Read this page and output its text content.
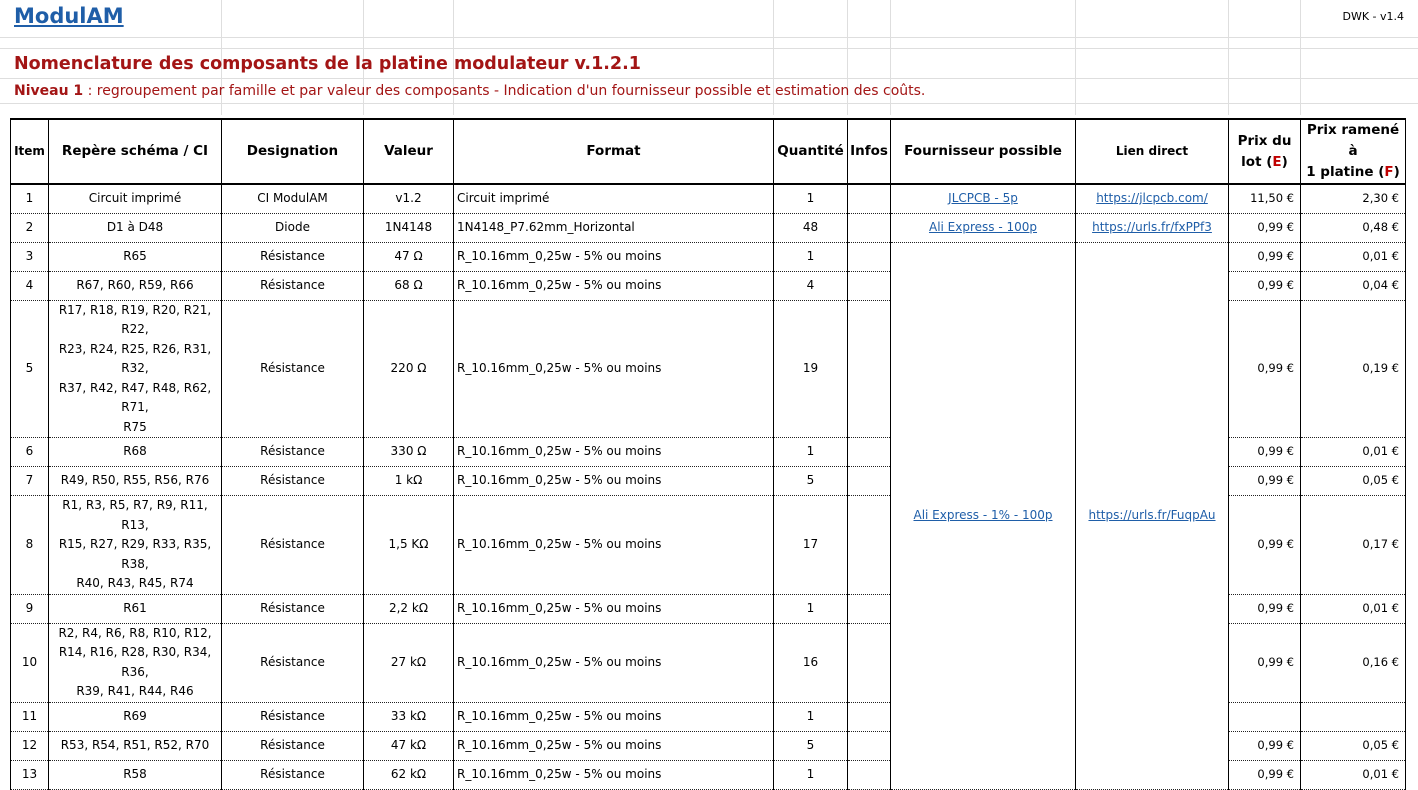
ModulAM	DWK - v1.4
Nomenclature des composants de la platine modulateur v.1.2.1
Niveau 1 : regroupement par famille et par valeur des composants - Indication d'un fournisseur possible et estimation des coûts.
Item	Repère schéma / CI	Designation	Valeur	Format	Quantité	Infos	Fournisseur possible	Lien direct	Prix du
lot (E)	Prix ramené à
1 platine (F)
1	Circuit imprimé	CI ModulAM	v1.2	Circuit imprimé	1		JLCPCB - 5p	https://jlcpcb.com/	11,50 €	2,30 €
2	D1 à D48	Diode	1N4148	1N4148_P7.62mm_Horizontal	48		Ali Express - 100p	https://urls.fr/fxPPf3	0,99 €	0,48 €
3	R65	Résistance	47 Ω	R_10.16mm_0,25w - 5% ou moins	1		Ali Express - 1% - 100p	https://urls.fr/FuqpAu	0,99 €	0,01 €
4	R67, R60, R59, R66	Résistance	68 Ω	R_10.16mm_0,25w - 5% ou moins	4				0,99 €	0,04 €
5	R17, R18, R19, R20, R21, R22,
R23, R24, R25, R26, R31, R32,
R37, R42, R47, R48, R62, R71,
R75	Résistance	220 Ω	R_10.16mm_0,25w - 5% ou moins	19				0,99 €	0,19 €
6	R68	Résistance	330 Ω	R_10.16mm_0,25w - 5% ou moins	1				0,99 €	0,01 €
7	R49, R50, R55, R56, R76	Résistance	1 kΩ	R_10.16mm_0,25w - 5% ou moins	5				0,99 €	0,05 €
8	R1, R3, R5, R7, R9, R11, R13,
R15, R27, R29, R33, R35, R38,
R40, R43, R45, R74	Résistance	1,5 KΩ	R_10.16mm_0,25w - 5% ou moins	17				0,99 €	0,17 €
9	R61	Résistance	2,2 kΩ	R_10.16mm_0,25w - 5% ou moins	1				0,99 €	0,01 €
10	R2, R4, R6, R8, R10, R12,
R14, R16, R28, R30, R34, R36,
R39, R41, R44, R46	Résistance	27 kΩ	R_10.16mm_0,25w - 5% ou moins	16				0,99 €	0,16 €
11	R69	Résistance	33 kΩ	R_10.16mm_0,25w - 5% ou moins	1					
12	R53, R54, R51, R52, R70	Résistance	47 kΩ	R_10.16mm_0,25w - 5% ou moins	5				0,99 €	0,05 €
13	R58	Résistance	62 kΩ	R_10.16mm_0,25w - 5% ou moins	1				0,99 €	0,01 €
